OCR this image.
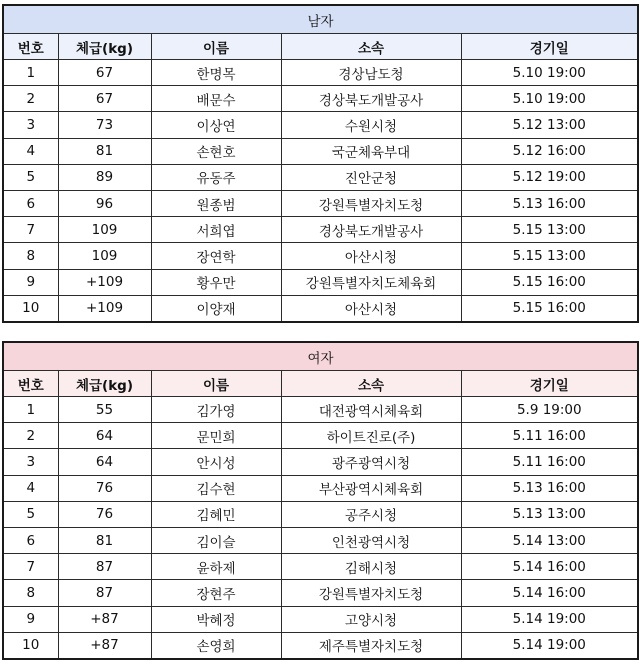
남자				
번호	체급(kg)	이름	소속	경기일
1	67	한명목	경상남도청	5.10 19:00
2	67	배문수	경상북도개발공사	5.10 19:00
3	73	이상연	수원시청	5.12 13:00
4	81	손현호	국군체육부대	5.12 16:00
5	89	유동주	진안군청	5.12 19:00
6	96	원종범	강원특별자치도청	5.13 16:00
7	109	서희엽	경상북도개발공사	5.15 13:00
8	109	장연학	아산시청	5.15 13:00
9	+109	황우만	강원특별자치도체육회	5.15 16:00
10	+109	이양재	아산시청	5.15 16:00
여자				
번호	체급(kg)	이름	소속	경기일
1	55	김가영	대전광역시체육회	5.9 19:00
2	64	문민희	하이트진로(주)	5.11 16:00
3	64	안시성	광주광역시청	5.11 16:00
4	76	김수현	부산광역시체육회	5.13 16:00
5	76	김혜민	공주시청	5.13 13:00
6	81	김이슬	인천광역시청	5.14 13:00
7	87	윤하제	김해시청	5.14 16:00
8	87	장현주	강원특별자치도청	5.14 16:00
9	+87	박혜정	고양시청	5.14 19:00
10	+87	손영희	제주특별자치도청	5.14 19:00
